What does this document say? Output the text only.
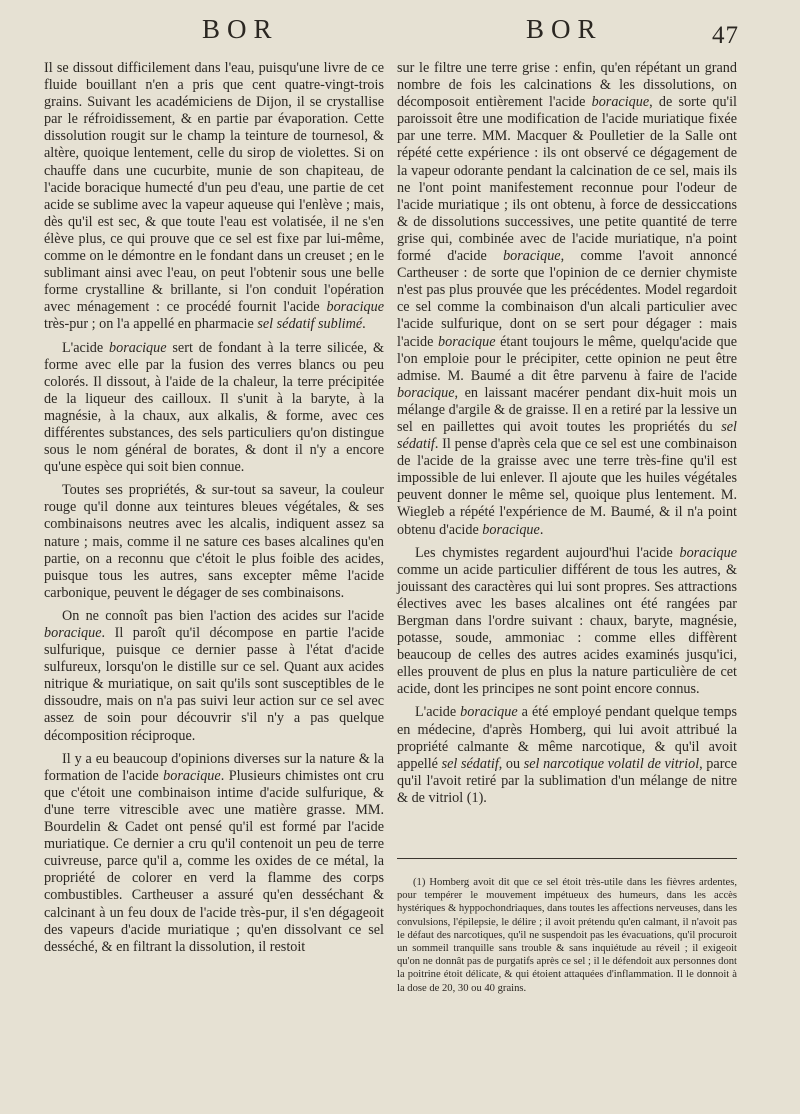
BOR	BOR	47

Il se dissout difficilement dans l'eau, puisqu'une livre de ce fluide bouillant n'en a pris que cent quatre-vingt-trois grains. Suivant les académiciens de Dijon, il se crystallise par le réfroidissement, & en partie par évaporation. Cette dissolution rougit sur le champ la teinture de tournesol, & altère, quoique lentement, celle du sirop de violettes. Si on chauffe dans une cucurbite, munie de son chapiteau, de l'acide boracique humecté d'un peu d'eau, une partie de cet acide se sublime avec la vapeur aqueuse qui l'enlève ; mais, dès qu'il est sec, & que toute l'eau est volatisée, il ne s'en élève plus, ce qui prouve que ce sel est fixe par lui-même, comme on le démontre en le fondant dans un creuset ; en le sublimant ainsi avec l'eau, on peut l'obtenir sous une belle forme crystalline & brillante, si l'on conduit l'opération avec ménagement : ce procédé fournit l'acide boracique très-pur ; on l'a appellé en pharmacie sel sédatif sublimé.

L'acide boracique sert de fondant à la terre silicée, & forme avec elle par la fusion des verres blancs ou peu colorés. Il dissout, à l'aide de la chaleur, la terre précipitée de la liqueur des cailloux. Il s'unit à la baryte, à la magnésie, à la chaux, aux alkalis, & forme, avec ces différentes substances, des sels particuliers qu'on distingue sous le nom général de borates, & dont il n'y a encore qu'une espèce qui soit bien connue.

Toutes ses propriétés, & sur-tout sa saveur, la couleur rouge qu'il donne aux teintures bleues végétales, & ses combinaisons neutres avec les alcalis, indiquent assez sa nature ; mais, comme il ne sature ces bases alcalines qu'en partie, on a reconnu que c'étoit le plus foible des acides, puisque tous les autres, sans excepter même l'acide carbonique, peuvent le dégager de ses combinaisons.

On ne connoît pas bien l'action des acides sur l'acide boracique. Il paroît qu'il décompose en partie l'acide sulfurique, puisque ce dernier passe à l'état d'acide sulfureux, lorsqu'on le distille sur ce sel. Quant aux acides nitrique & muriatique, on sait qu'ils sont susceptibles de le dissoudre, mais on n'a pas suivi leur action sur ce sel avec assez de soin pour découvrir s'il n'y a pas quelque décomposition réciproque.

Il y a eu beaucoup d'opinions diverses sur la nature & la formation de l'acide boracique. Plusieurs chimistes ont cru que c'étoit une combinaison intime d'acide sulfurique, & d'une terre vitrescible avec une matière grasse. MM. Bourdelin & Cadet ont pensé qu'il est formé par l'acide muriatique. Ce dernier a cru qu'il contenoit un peu de terre cuivreuse, parce qu'il a, comme les oxides de ce métal, la propriété de colorer en verd la flamme des corps combustibles. Cartheuser a assuré qu'en desséchant & calcinant à un feu doux de l'acide très-pur, il s'en dégageoit des vapeurs d'acide muriatique ; qu'en dissolvant ce sel desséché, & en filtrant la dissolution, il restoit

sur le filtre une terre grise : enfin, qu'en répétant un grand nombre de fois les calcinations & les dissolutions, on décomposoit entièrement l'acide boracique, de sorte qu'il paroissoit être une modification de l'acide muriatique fixée par une terre. MM. Macquer & Poulletier de la Salle ont répété cette expérience : ils ont observé ce dégagement de la vapeur odorante pendant la calcination de ce sel, mais ils ne l'ont point manifestement reconnue pour l'odeur de l'acide muriatique ; ils ont obtenu, à force de dessiccations & de dissolutions successives, une petite quantité de terre grise qui, combinée avec de l'acide muriatique, n'a point formé d'acide boracique, comme l'avoit annoncé Cartheuser : de sorte que l'opinion de ce dernier chymiste n'est pas plus prouvée que les précédentes. Model regardoit ce sel comme la combinaison d'un alcali particulier avec l'acide sulfurique, dont on se sert pour dégager : mais l'acide boracique étant toujours le même, quelqu'acide que l'on emploie pour le précipiter, cette opinion ne peut être admise. M. Baumé a dit être parvenu à faire de l'acide boracique, en laissant macérer pendant dix-huit mois un mélange d'argile & de graisse. Il en a retiré par la lessive un sel en paillettes qui avoit toutes les propriétés du sel sédatif. Il pense d'après cela que ce sel est une combinaison de l'acide de la graisse avec une terre très-fine qu'il est impossible de lui enlever. Il ajoute que les huiles végétales peuvent donner le même sel, quoique plus lentement. M. Wiegleb a répété l'expérience de M. Baumé, & il n'a point obtenu d'acide boracique.

Les chymistes regardent aujourd'hui l'acide boracique comme un acide particulier différent de tous les autres, & jouissant des caractères qui lui sont propres. Ses attractions électives avec les bases alcalines ont été rangées par Bergman dans l'ordre suivant : chaux, baryte, magnésie, potasse, soude, ammoniac : comme elles diffèrent beaucoup de celles des autres acides examinés jusqu'ici, elles prouvent de plus en plus la nature particulière de cet acide, dont les principes ne sont point encore connus.

L'acide boracique a été employé pendant quelque temps en médecine, d'après Homberg, qui lui avoit attribué la propriété calmante & même narcotique, & qu'il avoit appellé sel sédatif, ou sel narcotique volatil de vitriol, parce qu'il l'avoit retiré par la sublimation d'un mélange de nitre & de vitriol (1).

(1) Homberg avoit dit que ce sel étoit très-utile dans les fièvres ardentes, pour tempérer le mouvement impétueux des humeurs, dans les accès hystériques & hyppochondriaques, dans toutes les affections nerveuses, dans les convulsions, l'épilepsie, le délire ; il avoit prétendu qu'en calmant, il n'avoit pas le défaut des narcotiques, qu'il ne suspendoit pas les évacuations, qu'il procuroit un sommeil tranquille sans trouble & sans inquiétude au réveil ; il exigeoit qu'on ne donnât pas de purgatifs après ce sel ; il le défendoit aux personnes dont la poitrine étoit délicate, & qui étoient attaquées d'inflammation. Il le donnoit à la dose de 20, 30 ou 40 grains.
